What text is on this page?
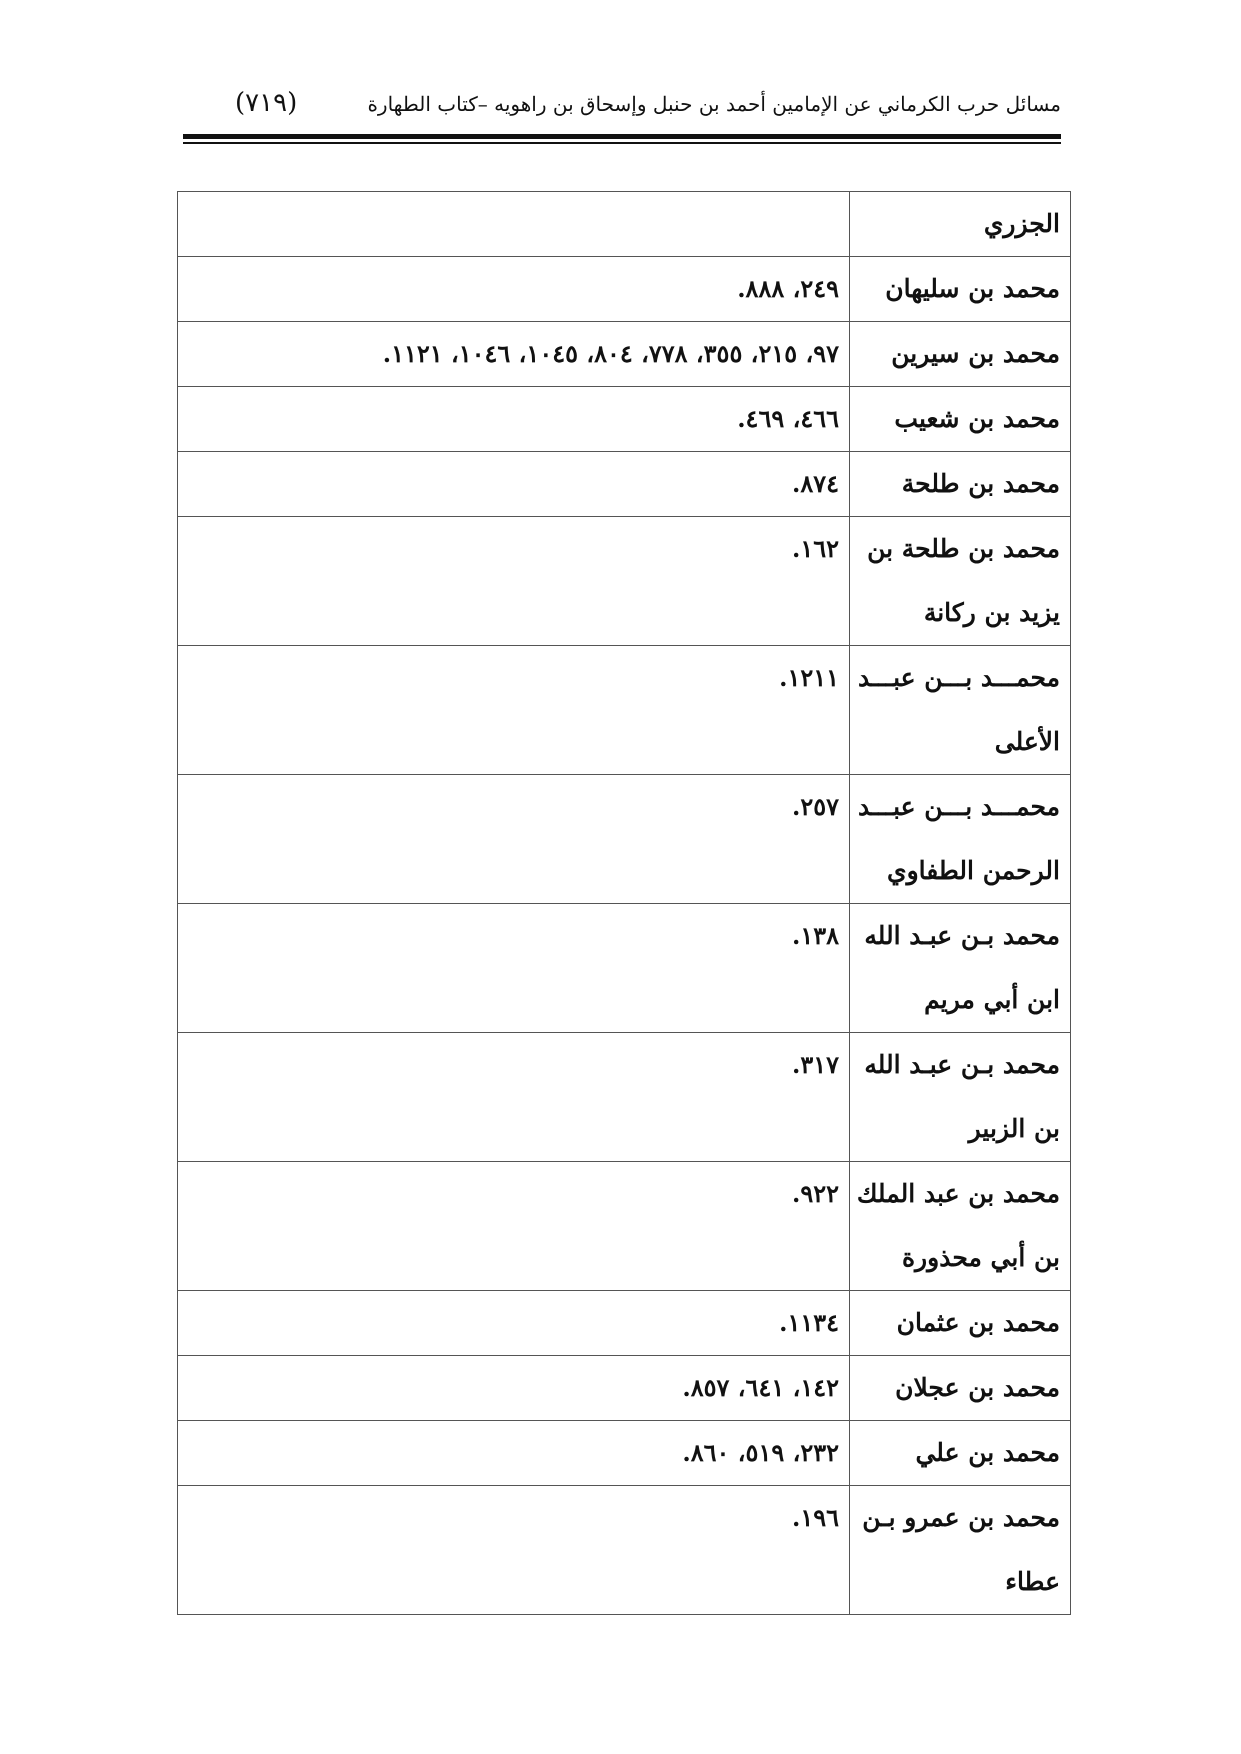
مسائل حرب الكرماني عن الإمامين أحمد بن حنبل وإسحاق بن راهويه –كتاب الطهارة
(٧١٩)
الجزري	

محمد بن سليهان	٢٤٩، ٨٨٨.

محمد بن سيرين	٩٧، ٢١٥، ٣٥٥، ٧٧٨، ٨٠٤، ١٠٤٥، ١٠٤٦، ١١٢١.

محمد بن شعيب	٤٦٦، ٤٦٩.

محمد بن طلحة	٨٧٤.

محمد بن طلحة بن
يزيد بن ركانة	١٦٢.

محمـــد بـــن عبـــد
الأعلى	١٢١١.

محمـــد بـــن عبـــد
الرحمن الطفاوي	٢٥٧.

محمد بـن عبـد الله
ابن أبي مريم	١٣٨.

محمد بـن عبـد الله
بن الزبير	٣١٧.

محمد بن عبد الملك
بن أبي محذورة	٩٢٢.

محمد بن عثمان	١١٣٤.

محمد بن عجلان	١٤٢، ٦٤١، ٨٥٧.

محمد بن علي	٢٣٢، ٥١٩، ٨٦٠.

محمد بن عمرو بـن
عطاء	١٩٦.
